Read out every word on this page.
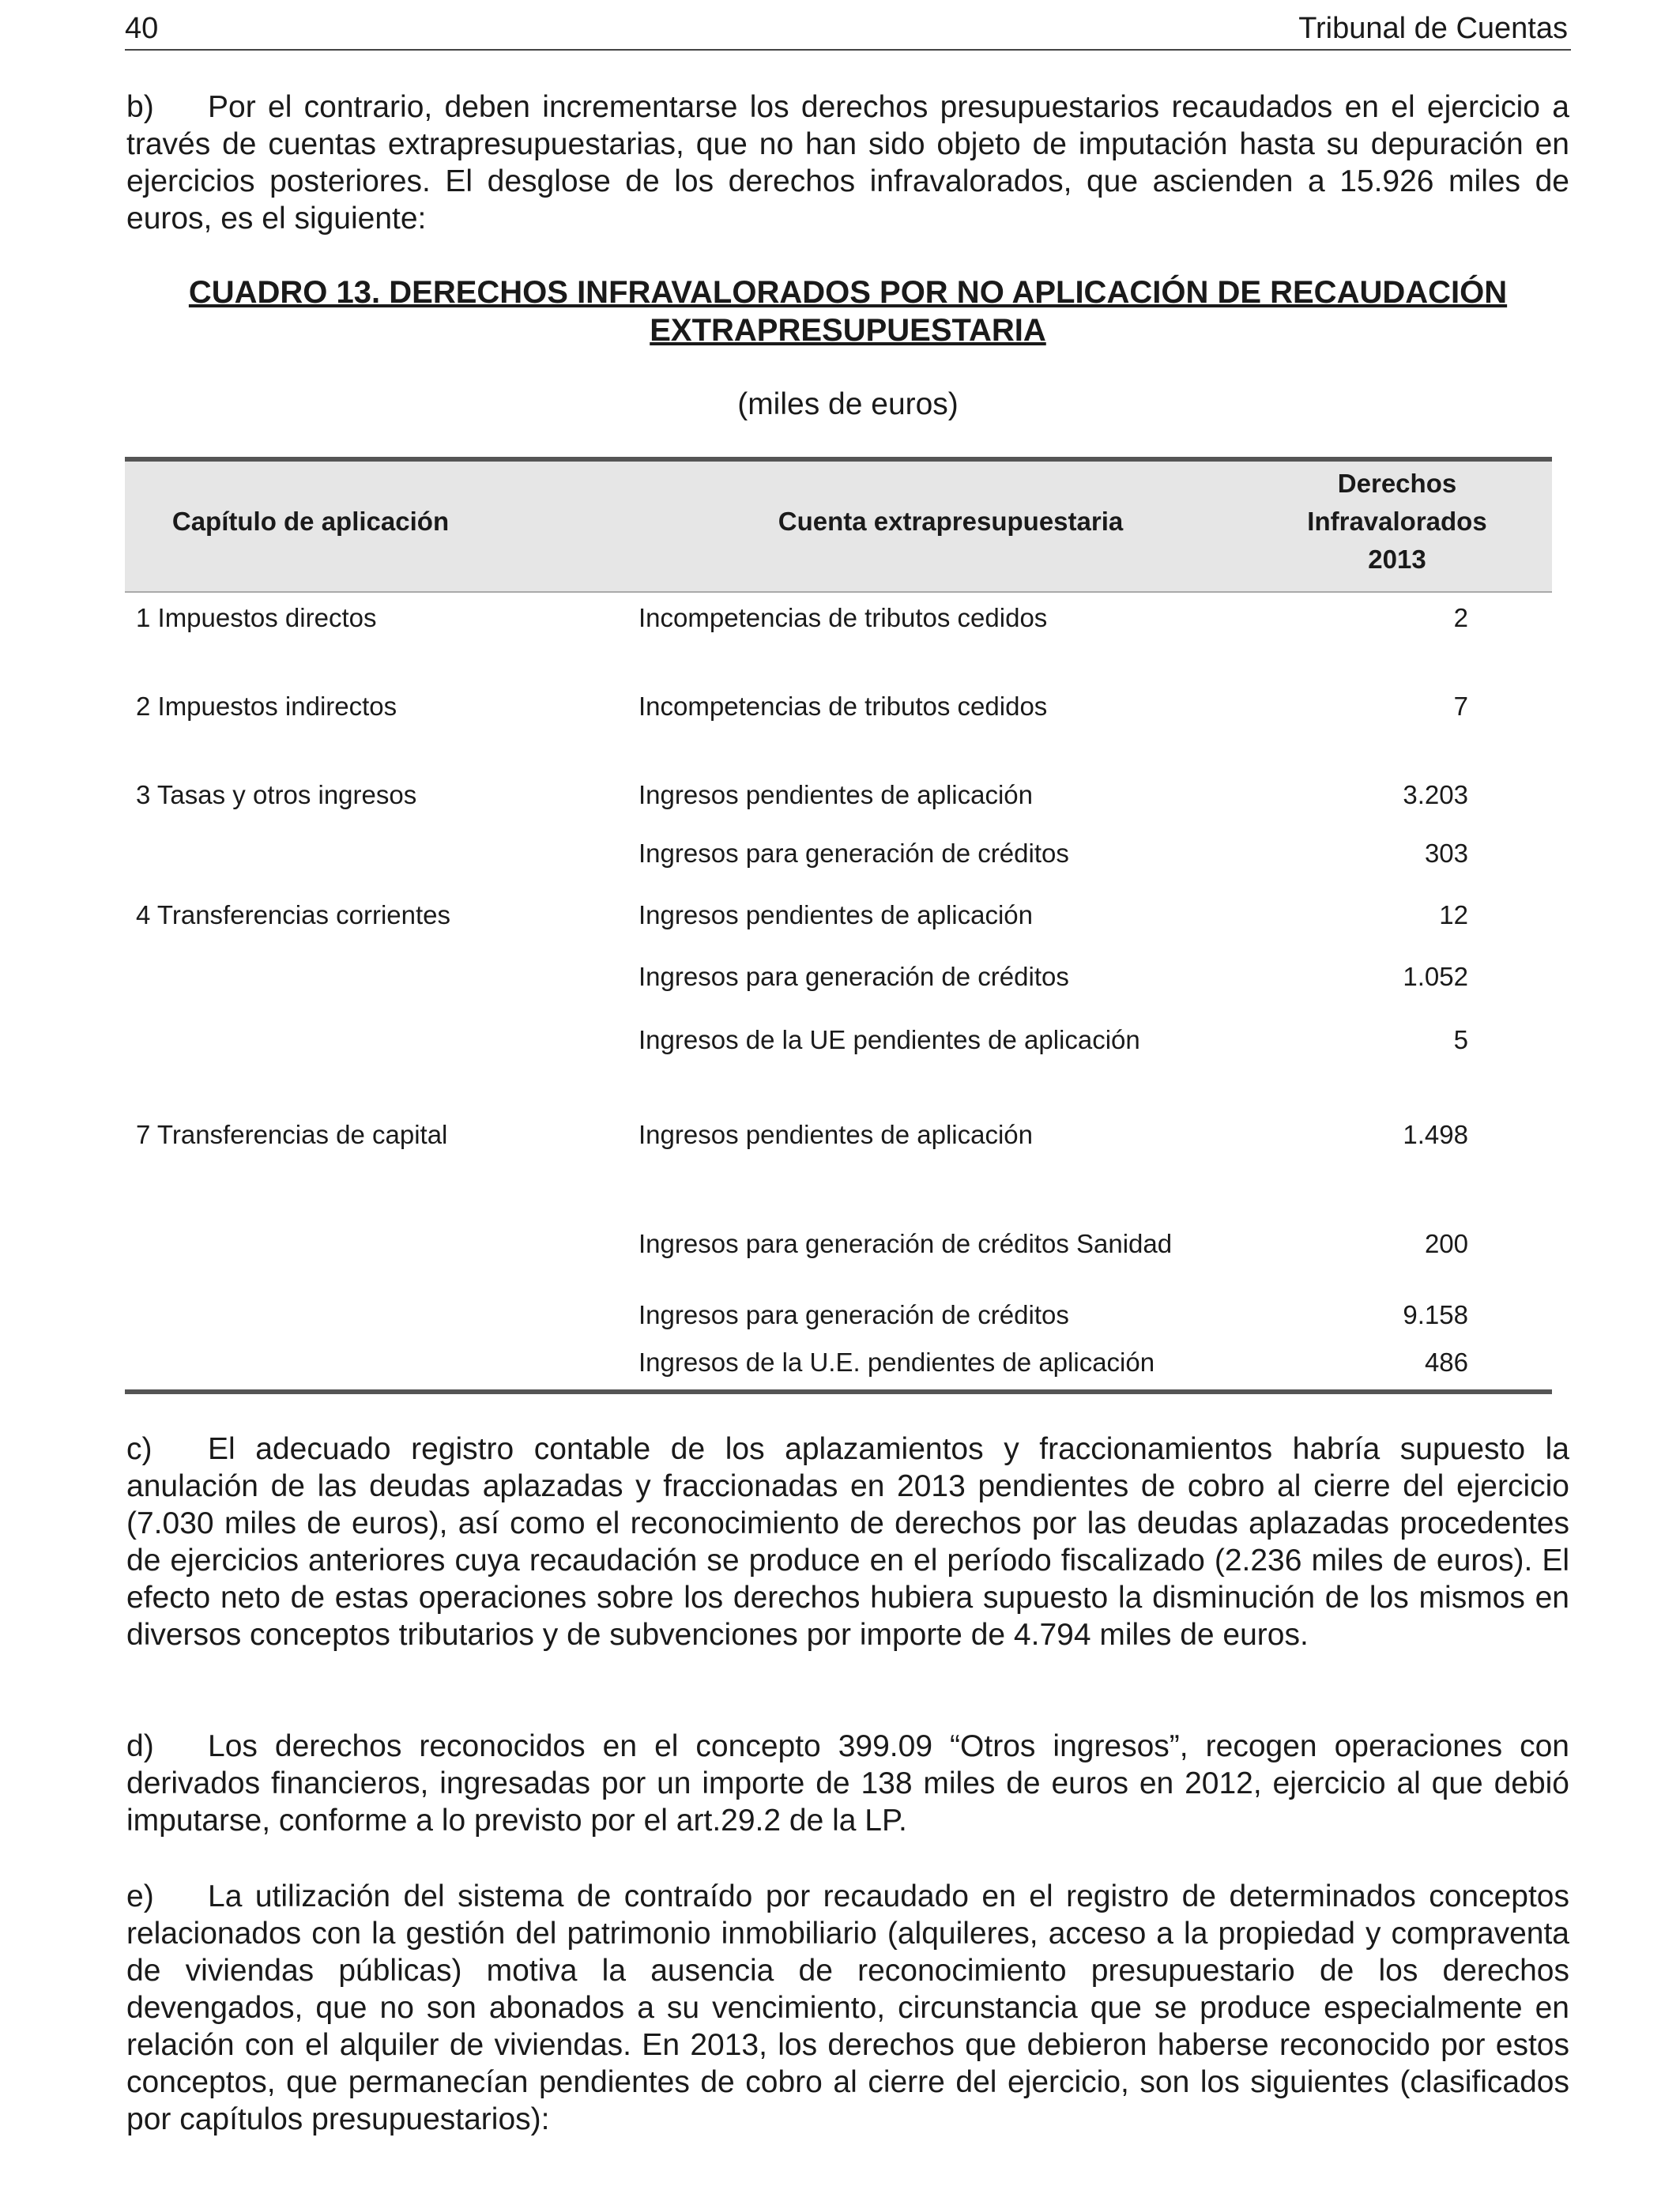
40	Tribunal de Cuentas

b) Por el contrario, deben incrementarse los derechos presupuestarios recaudados en el ejercicio a través de cuentas extrapresupuestarias, que no han sido objeto de imputación hasta su depuración en ejercicios posteriores. El desglose de los derechos infravalorados, que ascienden a 15.926 miles de euros, es el siguiente:

CUADRO 13. DERECHOS INFRAVALORADOS POR NO APLICACIÓN DE RECAUDACIÓN
EXTRAPRESUPUESTARIA
(miles de euros)
Capítulo de aplicación	Cuenta extrapresupuestaria
Derechos
Infravalorados
2013
1 Impuestos directos	Incompetencias de tributos cedidos	2
2 Impuestos indirectos	Incompetencias de tributos cedidos	7
3 Tasas y otros ingresos	Ingresos pendientes de aplicación	3.203
Ingresos para generación de créditos	303
4 Transferencias corrientes	Ingresos pendientes de aplicación	12
Ingresos para generación de créditos	1.052
Ingresos de la UE pendientes de aplicación	5
7 Transferencias de capital	Ingresos pendientes de aplicación	1.498
Ingresos para generación de créditos Sanidad	200
Ingresos para generación de créditos	9.158
Ingresos de la U.E. pendientes de aplicación	486

c) El adecuado registro contable de los aplazamientos y fraccionamientos habría supuesto la anulación de las deudas aplazadas y fraccionadas en 2013 pendientes de cobro al cierre del ejercicio (7.030 miles de euros), así como el reconocimiento de derechos por las deudas aplazadas procedentes de ejercicios anteriores cuya recaudación se produce en el período fiscalizado (2.236 miles de euros). El efecto neto de estas operaciones sobre los derechos hubiera supuesto la disminución de los mismos en diversos conceptos tributarios y de subvenciones por importe de 4.794 miles de euros.

d) Los derechos reconocidos en el concepto 399.09 “Otros ingresos”, recogen operaciones con derivados financieros, ingresadas por un importe de 138 miles de euros en 2012, ejercicio al que debió imputarse, conforme a lo previsto por el art.29.2 de la LP.

e) La utilización del sistema de contraído por recaudado en el registro de determinados conceptos relacionados con la gestión del patrimonio inmobiliario (alquileres, acceso a la propiedad y compraventa de viviendas públicas) motiva la ausencia de reconocimiento presupuestario de los derechos devengados, que no son abonados a su vencimiento, circunstancia que se produce especialmente en relación con el alquiler de viviendas. En 2013, los derechos que debieron haberse reconocido por estos conceptos, que permanecían pendientes de cobro al cierre del ejercicio, son los siguientes (clasificados por capítulos presupuestarios):
